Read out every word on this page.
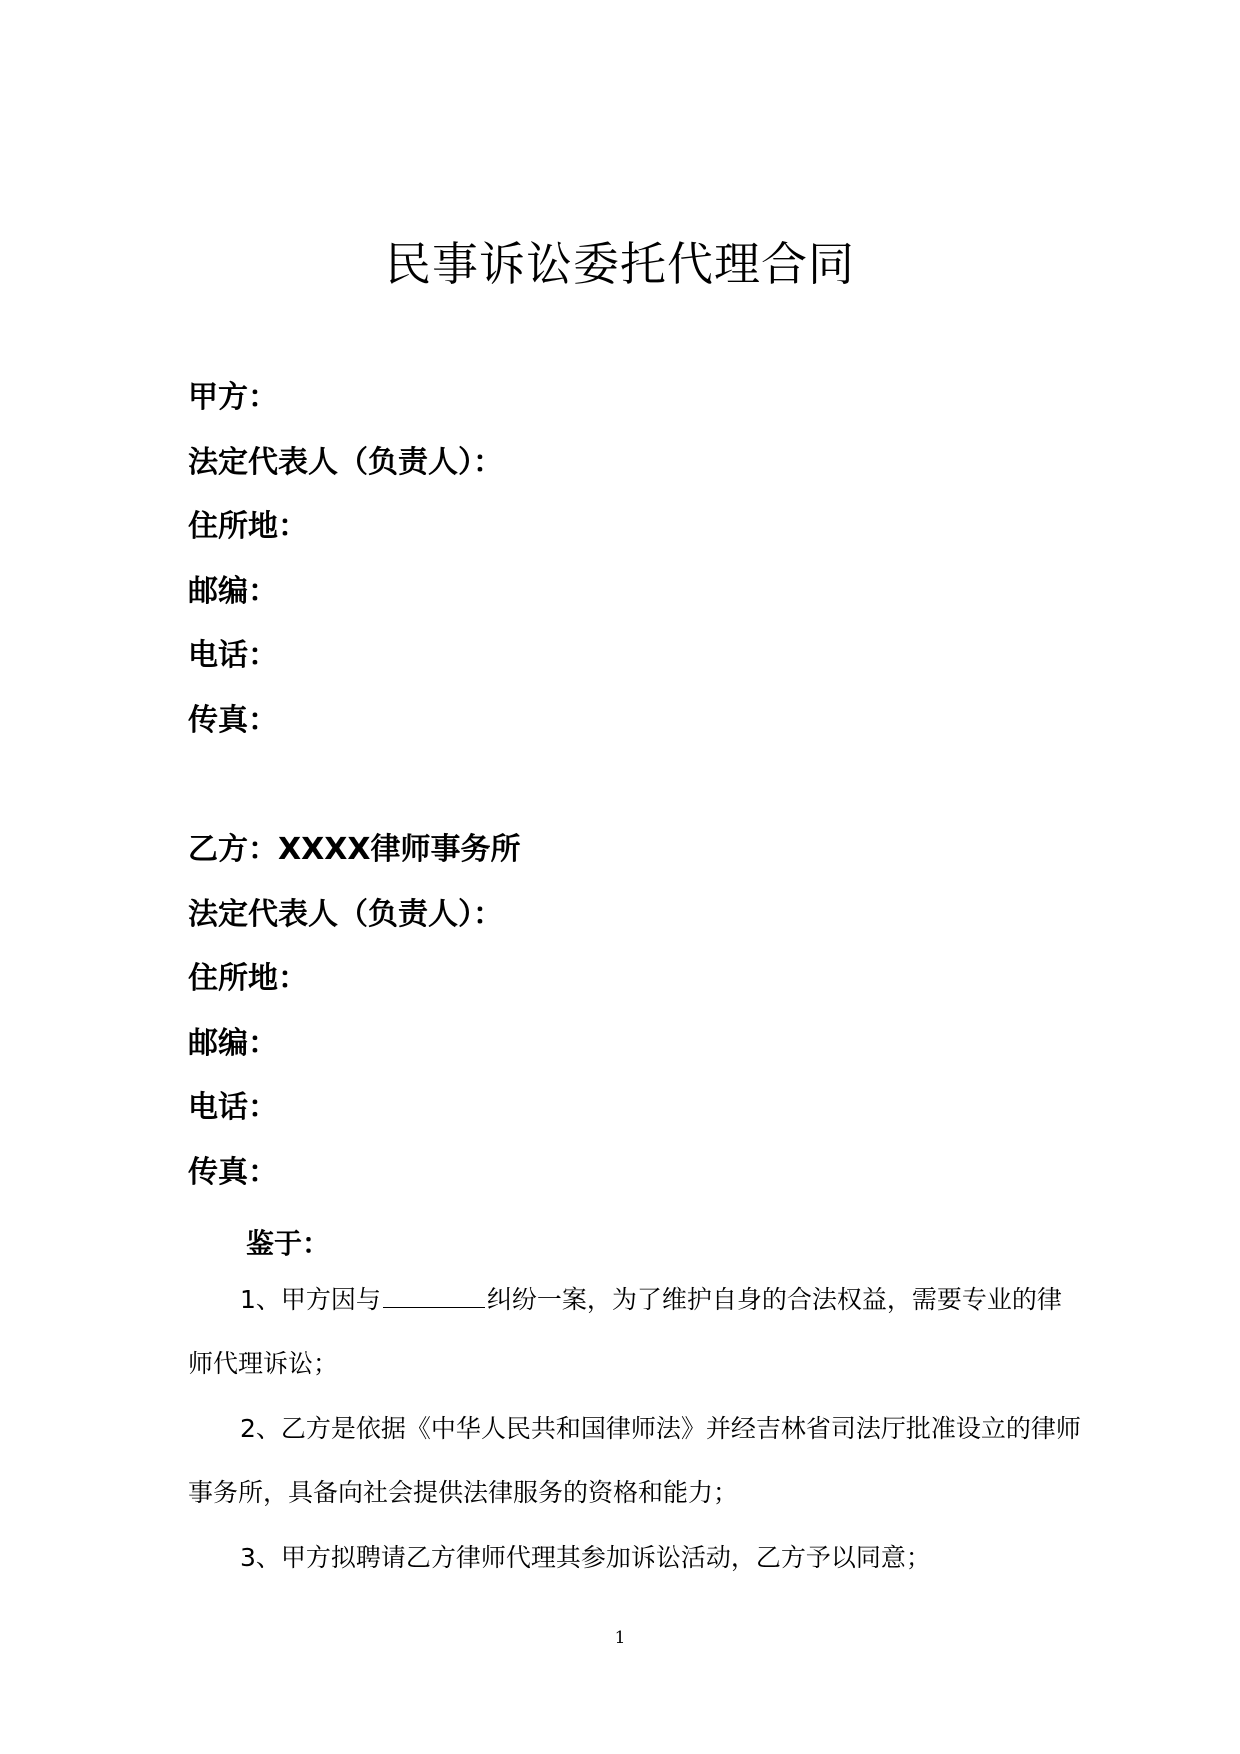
民事诉讼委托代理合同
甲方：
法定代表人（负责人）：
住所地：
邮编：
电话：
传真：
乙方：XXXX律师事务所
法定代表人（负责人）：
住所地：
邮编：
电话：
传真：
鉴于：
1、甲方因与	纠纷一案，为了维护自身的合法权益，需要专业的律
师代理诉讼；
2、乙方是依据《中华人民共和国律师法》并经吉林省司法厅批准设立的律师
事务所，具备向社会提供法律服务的资格和能力；
3、甲方拟聘请乙方律师代理其参加诉讼活动，乙方予以同意；
1
